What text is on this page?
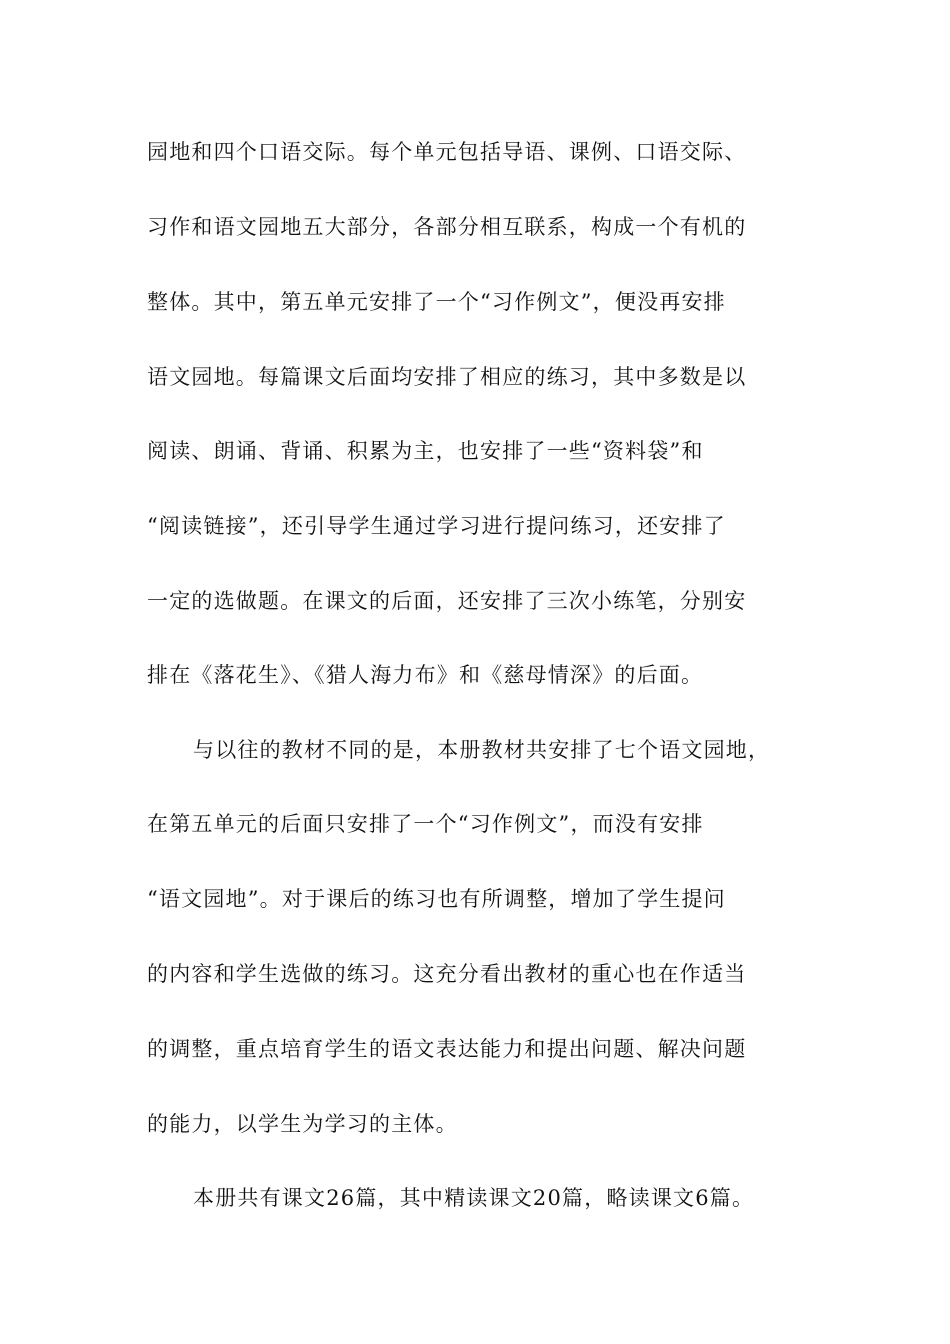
园地和四个口语交际。每个单元包括导语、课例、口语交际、
习作和语文园地五大部分，各部分相互联系，构成一个有机的
整体。其中，第五单元安排了一个“习作例文”，便没再安排
语文园地。每篇课文后面均安排了相应的练习，其中多数是以
阅读、朗诵、背诵、积累为主，也安排了一些“资料袋”和
“阅读链接”，还引导学生通过学习进行提问练习，还安排了
一定的选做题。在课文的后面，还安排了三次小练笔，分别安
排在《落花生》、《猎人海力布》和《慈母情深》的后面。
与以往的教材不同的是，本册教材共安排了七个语文园地，
在第五单元的后面只安排了一个“习作例文”，而没有安排
“语文园地”。对于课后的练习也有所调整，增加了学生提问
的内容和学生选做的练习。这充分看出教材的重心也在作适当
的调整，重点培育学生的语文表达能力和提出问题、解决问题
的能力，以学生为学习的主体。
本册共有课文26篇，其中精读课文20篇，略读课文6篇。
